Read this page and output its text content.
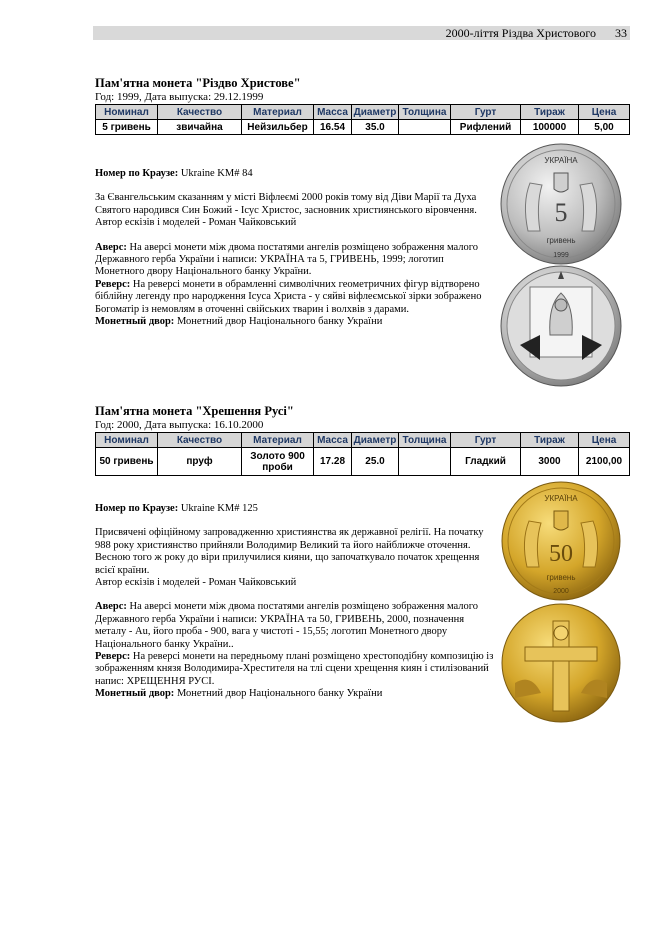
2000-ліття Різдва Христового 33

Пам'ятна монета "Різдво Христове"

Год: 1999, Дата выпуска: 29.12.1999

Номинал	Качество	Материал	Масса	Диаметр	Толщина	Гурт	Тираж	Цена
5 гривень	звичайна	Нейзильбер	16.54	35.0		Рифлений	100000	5,00

Номер по Краузе: Ukraine KM# 84

За Євангельським сказанням у місті Віфлеємі 2000 років тому від Діви Марії та Духа Святого народився Син Божий - Ісус Христос, засновник християнського віровчення.

Автор ескізів і моделей - Роман Чайковський

Аверс: На аверсі монети між двома постатями ангелів розміщено зображення малого Державного герба України і написи: УКРАЇНА та 5, ГРИВЕНЬ, 1999; логотип Монетного двору Національного банку України.

Реверс: На реверсі монети в обрамленні символічних геометричних фігур відтворено біблійну легенду про народження Ісуса Христа - у сяйві віфлеємської зірки зображено Богоматір із немовлям в оточенні свійських тварин і волхвів з дарами.

Монетный двор: Монетний двор Національного банку України

УКРАЇНА
5
гривень
1999

Пам'ятна монета "Хрешення Русі"

Год: 2000, Дата выпуска: 16.10.2000

Номинал	Качество	Материал	Масса	Диаметр	Толщина	Гурт	Тираж	Цена
50 гривень	пруф	Золото 900 проби	17.28	25.0		Гладкий	3000	2100,00

Номер по Краузе: Ukraine KM# 125

Присвячені офіційному запровадженню християнства як державної релігії. На початку 988 року християнство прийняли Володимир Великий та його найближче оточення. Весною того ж року до віри прилучилися кияни, що започаткувало початок хрещення всієї країни.

Автор ескізів і моделей - Роман Чайковський

Аверс: На аверсі монети між двома постатями ангелів розміщено зображення малого Державного герба України і написи: УКРАЇНА та 50, ГРИВЕНЬ, 2000, позначення металу - Au, його проба - 900, вага у чистоті - 15,55; логотип Монетного двору Національного банку України..

Реверс: На реверсі монети на передньому плані розміщено хрестоподібну композицію із зображенням князя Володимира-Хрестителя на тлі сцени хрещення киян і стилізований напис: ХРЕЩЕННЯ РУСІ.

Монетный двор: Монетний двор Національного банку України

УКРАЇНА
50
гривень
2000
